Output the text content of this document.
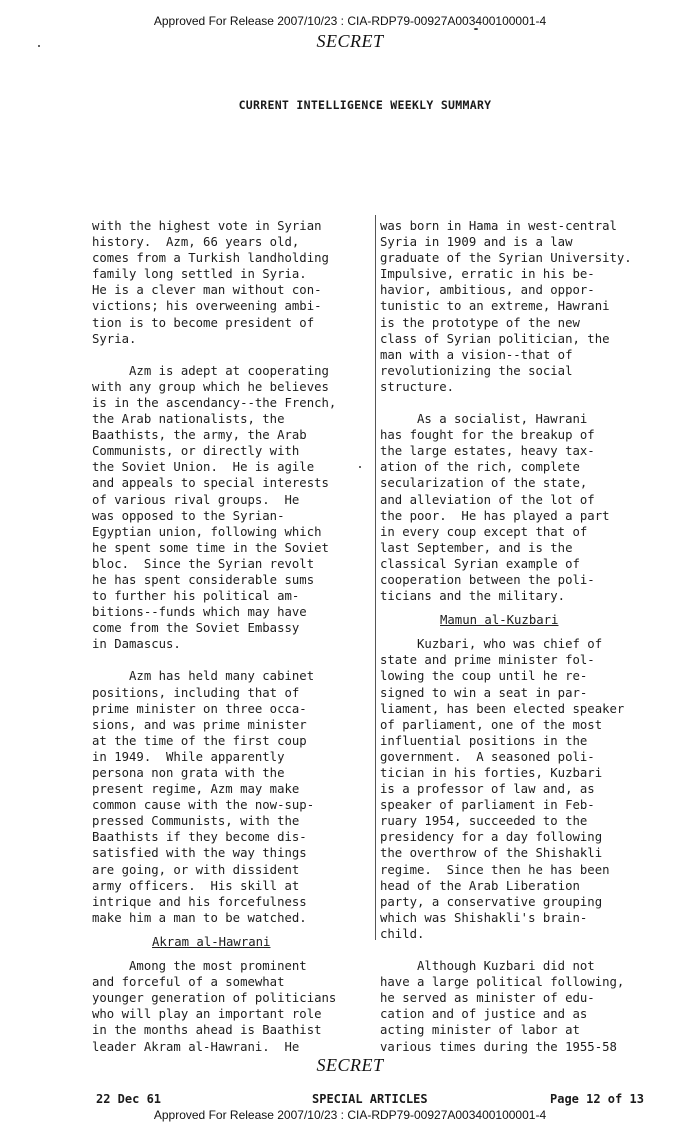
Approved For Release 2007/10/23 : CIA-RDP79-00927A003400100001-4
SECRET
CURRENT INTELLIGENCE WEEKLY SUMMARY
with the highest vote in Syrian
history.  Azm, 66 years old,
comes from a Turkish landholding
family long settled in Syria.
He is a clever man without con-
victions; his overweening ambi-
tion is to become president of
Syria.
Azm is adept at cooperating
with any group which he believes
is in the ascendancy--the French,
the Arab nationalists, the
Baathists, the army, the Arab
Communists, or directly with
the Soviet Union.  He is agile
and appeals to special interests
of various rival groups.  He
was opposed to the Syrian-
Egyptian union, following which
he spent some time in the Soviet
bloc.  Since the Syrian revolt
he has spent considerable sums
to further his political am-
bitions--funds which may have
come from the Soviet Embassy
in Damascus.
Azm has held many cabinet
positions, including that of
prime minister on three occa-
sions, and was prime minister
at the time of the first coup
in 1949.  While apparently
persona non grata with the
present regime, Azm may make
common cause with the now-sup-
pressed Communists, with the
Baathists if they become dis-
satisfied with the way things
are going, or with dissident
army officers.  His skill at
intrique and his forcefulness
make him a man to be watched.
Akram al-Hawrani
Among the most prominent
and forceful of a somewhat
younger generation of politicians
who will play an important role
in the months ahead is Baathist
leader Akram al-Hawrani.  He
was born in Hama in west-central
Syria in 1909 and is a law
graduate of the Syrian University.
Impulsive, erratic in his be-
havior, ambitious, and oppor-
tunistic to an extreme, Hawrani
is the prototype of the new
class of Syrian politician, the
man with a vision--that of
revolutionizing the social
structure.
As a socialist, Hawrani
has fought for the breakup of
the large estates, heavy tax-
ation of the rich, complete
secularization of the state,
and alleviation of the lot of
the poor.  He has played a part
in every coup except that of
last September, and is the
classical Syrian example of
cooperation between the poli-
ticians and the military.
Mamun al-Kuzbari
Kuzbari, who was chief of
state and prime minister fol-
lowing the coup until he re-
signed to win a seat in par-
liament, has been elected speaker
of parliament, one of the most
influential positions in the
government.  A seasoned poli-
tician in his forties, Kuzbari
is a professor of law and, as
speaker of parliament in Feb-
ruary 1954, succeeded to the
presidency for a day following
the overthrow of the Shishakli
regime.  Since then he has been
head of the Arab Liberation
party, a conservative grouping
which was Shishakli's brain-
child.
Although Kuzbari did not
have a large political following,
he served as minister of edu-
cation and of justice and as
acting minister of labor at
various times during the 1955-58
SECRET
22 Dec 61	SPECIAL ARTICLES	Page 12 of 13
Approved For Release 2007/10/23 : CIA-RDP79-00927A003400100001-4
